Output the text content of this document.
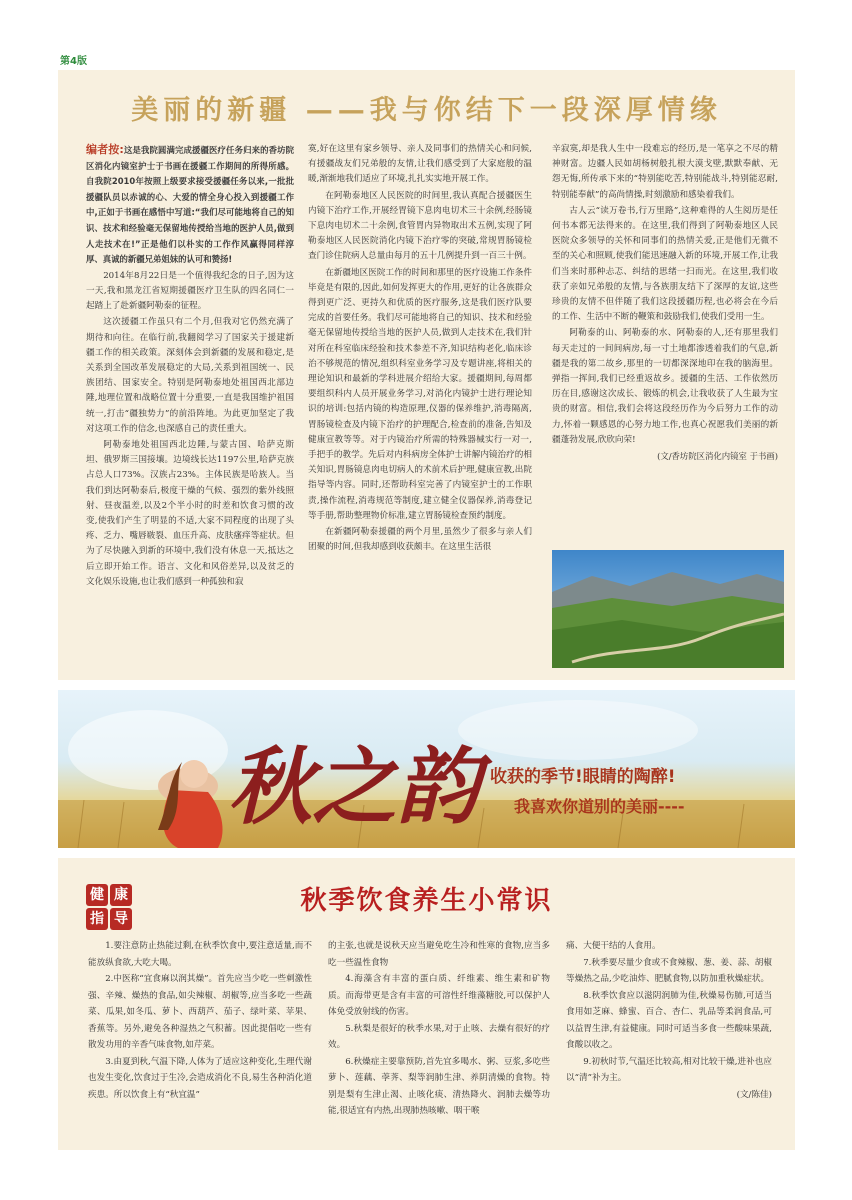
第4版
美丽的新疆 ——我与你结下一段深厚情缘

编者按:这是我院圆满完成援疆医疗任务归来的香坊院区消化内镜室护士于书画在援疆工作期间的所得所感。自我院2010年按照上级要求接受援疆任务以来,一批批援疆队员以赤诚的心、大爱的情全身心投入到援疆工作中,正如于书画在感悟中写道:“我们尽可能地将自己的知识、技术和经验毫无保留地传授给当地的医护人员,做到人走技术在!”正是他们以朴实的工作作风赢得同样淳厚、真诚的新疆兄弟姐妹的认可和赞扬!

2014年8月22日是一个值得我纪念的日子,因为这一天,我和黑龙江省短期援疆医疗卫生队的四名同仁一起踏上了赴新疆阿勒泰的征程。

这次援疆工作虽只有二个月,但我对它仍然充满了期待和向往。在临行前,我翻阅学习了国家关于援建新疆工作的相关政策。深刻体会到新疆的发展和稳定,是关系到全国改革发展稳定的大局,关系到祖国统一、民族团结、国家安全。特别是阿勒泰地处祖国西北部边陲,地理位置和战略位置十分重要,一直是我国维护祖国统一,打击“疆独势力”的前沿阵地。为此更加坚定了我对这项工作的信念,也深感自己的责任重大。

阿勒泰地处祖国西北边陲,与蒙古国、哈萨克斯坦、俄罗斯三国接壤。边境线长达1197公里,哈萨克族占总人口73%。汉族占23%。主体民族是哈族人。当我们到达阿勒泰后,极度干燥的气候、强烈的紫外线照射、昼夜温差,以及2个半小时的时差和饮食习惯的改变,使我们产生了明显的不适,大家不同程度的出现了头疼、乏力、嘴唇皲裂、血压升高、皮肤瘙痒等症状。但为了尽快融入到新的环境中,我们没有休息一天,抵达之后立即开始工作。语言、文化和风俗差异,以及贫乏的文化娱乐设施,也让我们感到一种孤独和寂

寞,好在这里有家乡领导、亲人及同事们的热情关心和问候,有援疆战友们兄弟般的友情,让我们感受到了大家庭般的温暖,渐渐地我们适应了环境,扎扎实实地开展工作。

在阿勒泰地区人民医院的时间里,我认真配合援疆医生内镜下治疗工作,开展经胃镜下息肉电切术三十余例,经肠镜下息肉电切术二十余例,食管胃内异物取出术五例,实现了阿勒泰地区人民医院消化内镜下治疗零的突破,常规胃肠镜检查门诊住院病人总量由每月的五十几例提升到一百三十例。

在新疆地区医院工作的时间和那里的医疗设施工作条件毕竟是有限的,因此,如何发挥更大的作用,更好的让各族群众得到更广泛、更持久和优质的医疗服务,这是我们医疗队要完成的首要任务。我们尽可能地将自己的知识、技术和经验毫无保留地传授给当地的医护人员,做到人走技术在,我们针对所在科室临床经验和技术参差不齐,知识结构老化,临床诊治不够规范的情况,组织科室业务学习及专题讲座,将相关的理论知识和最新的学科进展介绍给大家。援疆期间,每周都要组织科内人员开展业务学习,对消化内镜护士进行理论知识的培训:包括内镜的构造原理,仪器的保养维护,消毒隔离,胃肠镜检查及内镜下治疗的护理配合,检查前的准备,告知及健康宣教等等。对于内镜治疗所需的特殊器械实行一对一,手把手的教学。先后对内科病房全体护士讲解内镜治疗的相关知识,胃肠镜息肉电切病人的术前术后护理,健康宣教,出院指导等内容。同时,还帮助科室完善了内镜室护士的工作职责,操作流程,消毒规范等制度,建立健全仪器保养,消毒登记等手册,帮助整理物价标准,建立胃肠镜检查预约制度。

在新疆阿勒泰援疆的两个月里,虽然少了很多与亲人们团聚的时间,但我却感到收获颇丰。在这里生活很

辛寂寞,却是我人生中一段难忘的经历,是一笔享之不尽的精神财富。边疆人民如胡杨树般扎根大漠戈壁,默默奉献、无怨无悔,所传承下来的“特别能吃苦,特别能战斗,特别能忍耐,特别能奉献”的高尚情操,时刻激励和感染着我们。

古人云“读万卷书,行万里路”,这种难得的人生阅历是任何书本都无法得来的。在这里,我们得到了阿勒泰地区人民医院众多领导的关怀和同事们的热情关爱,正是他们无微不至的关心和照顾,使我们能迅速融入新的环境,开展工作,让我们当来时那种忐忑、纠结的思绪一扫而光。在这里,我们收获了亲如兄弟般的友情,与各族朋友结下了深厚的友谊,这些珍贵的友情不但伴随了我们这段援疆历程,也必将会在今后的工作、生活中不断的鞭策和鼓励我们,使我们受用一生。

阿勒泰的山、阿勒泰的水、阿勒泰的人,还有那里我们每天走过的一间间病房,每一寸土地都渗透着我们的气息,新疆是我的第二故乡,那里的一切都深深地印在我的脑海里。弹指一挥间,我们已经重返故乡。援疆的生活、工作依然历历在目,感谢这次成长、锻炼的机会,让我收获了人生最为宝贵的财富。相信,我们会将这段经历作为今后努力工作的动力,怀着一颗感恩的心努力地工作,也真心祝愿我们美丽的新疆蓬勃发展,欣欣向荣!

(文/香坊院区消化内镜室 于书画)

秋之韵 收获的季节!眼睛的陶醉!
我喜欢你道别的美丽----
健 康
指 导
秋季饮食养生小常识

1.要注意防止热能过剩,在秋季饮食中,要注意适量,而不能放纵食欲,大吃大喝。

2.中医称“宜食麻以润其燥”。首先应当少吃一些刺激性强、辛辣、燥热的食品,如尖辣椒、胡椒等,应当多吃一些蔬菜、瓜果,如冬瓜、萝卜、西葫芦、茄子、绿叶菜、苹果、香蕉等。另外,避免各种湿热之气积蓄。因此提倡吃一些有散发功用的辛香气味食物,如芹菜。

3.由夏到秋,气温下降,人体为了适应这种变化,生理代谢也发生变化,饮食过于生冷,会造成消化不良,易生各种消化道疾患。所以饮食上有“秋宜温”

的主张,也就是说秋天应当避免吃生冷和性寒的食物,应当多吃一些温性食物

4.海藻含有丰富的蛋白质、纤维素、维生素和矿物质。而海带更是含有丰富的可溶性纤维藻糖胶,可以保护人体免受放射线的伤害。

5.秋梨是很好的秋季水果,对于止咳、去燥有很好的疗效。

6.秋燥症主要靠预防,首先宜多喝水、粥、豆浆,多吃些萝卜、莲藕、荸荠、梨等润肺生津、养阴清燥的食物。特别是梨有生津止渴、止咳化痰、清热降火、润肺去燥等功能,很适宜有内热,出现肺热咳嗽、咽干喉

痛、大便干结的人食用。

7.秋季要尽量少食或不食辣椒、葱、姜、蒜、胡椒等燥热之品,少吃油炸、肥腻食物,以防加重秋燥症状。

8.秋季饮食应以滋阴润肺为佳,秋燥易伤肺,可适当食用如芝麻、蜂蜜、百合、杏仁、乳品等柔润食品,可以益胃生津,有益健康。同时可适当多食一些酸味果蔬,食酸以收之。

9.初秋时节,气温还比较高,相对比较干燥,进补也应以“清”补为主。

(文/陈佳)
